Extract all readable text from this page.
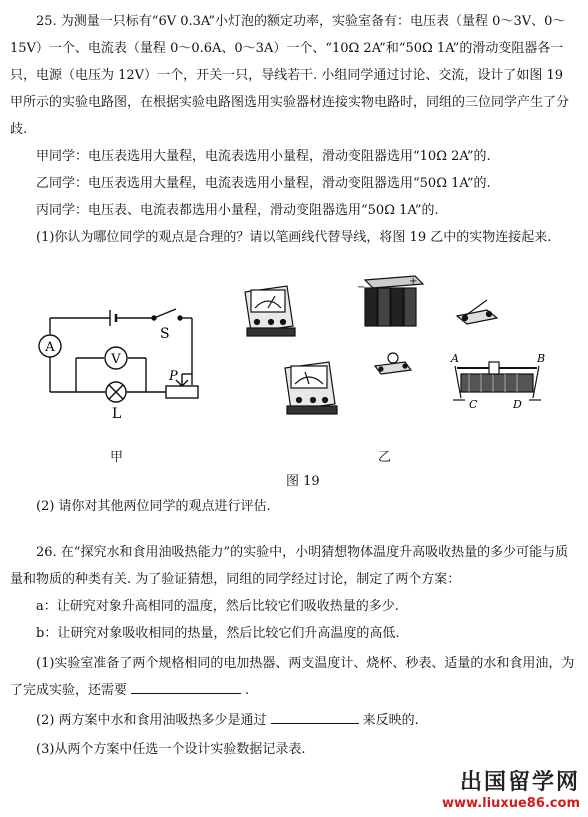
25. 为测量一只标有“6V 0.3A”小灯泡的额定功率，实验室备有：电压表（量程 0～3V、0～15V）一个、电流表（量程 0～0.6A、0～3A）一个、“10Ω 2A”和“50Ω 1A”的滑动变阻器各一只，电源（电压为 12V）一个，开关一只，导线若干. 小组同学通过讨论、交流，设计了如图 19 甲所示的实验电路图，在根据实验电路图选用实验器材连接实物电路时，同组的三位同学产生了分歧.

甲同学：电压表选用大量程，电流表选用小量程，滑动变阻器选用“10Ω 2A”的.

乙同学：电压表选用大量程，电流表选用小量程，滑动变阻器选用“50Ω 1A”的.

丙同学：电压表、电流表都选用小量程，滑动变阻器选用“50Ω 1A”的.

(1)你认为哪位同学的观点是合理的？请以笔画线代替导线，将图 19 乙中的实物连接起来.

A
V
S
L
P
−
+
A	B
C	D
甲	乙
图 19

(2) 请你对其他两位同学的观点进行评估.

26. 在“探究水和食用油吸热能力”的实验中，小明猜想物体温度升高吸收热量的多少可能与质量和物质的种类有关. 为了验证猜想，同组的同学经过讨论，制定了两个方案：

a：让研究对象升高相同的温度，然后比较它们吸收热量的多少.

b：让研究对象吸收相同的热量，然后比较它们升高温度的高低.

(1)实验室准备了两个规格相同的电加热器、两支温度计、烧杯、秒表、适量的水和食用油，为了完成实验，还需要	.

(2) 两方案中水和食用油吸热多少是通过	来反映的.

(3)从两个方案中任选一个设计实验数据记录表.

出国留学网
www.liuxue86.com
